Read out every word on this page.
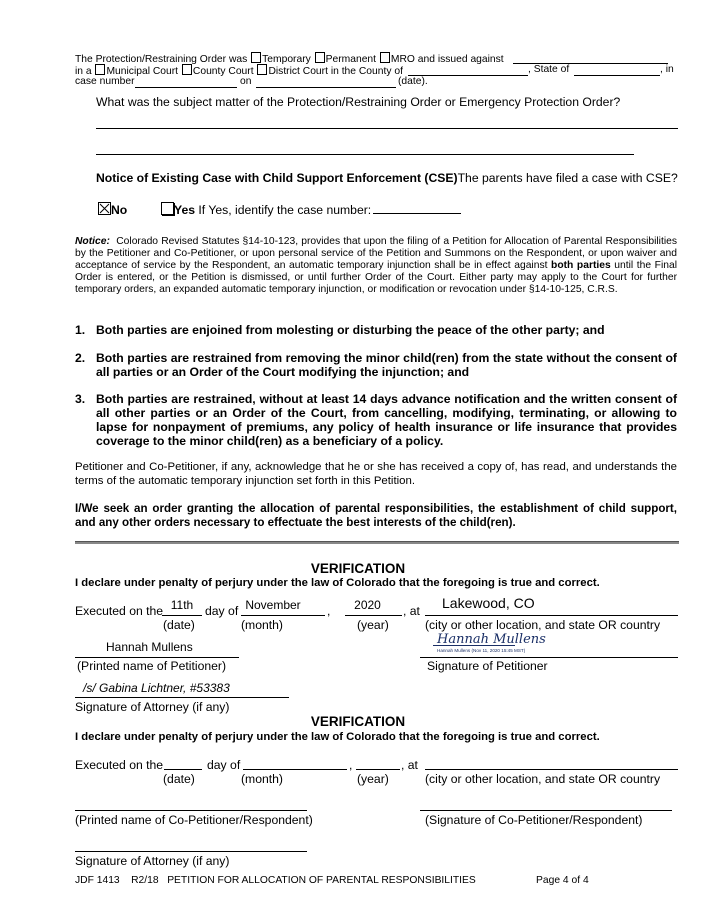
The Protection/Restraining Order was Temporary Permanent MRO and issued against
in a Municipal Court County Court District Court in the County of	, State of	, in
case number	on	(date).
What was the subject matter of the Protection/Restraining Order or Emergency Protection Order?
Notice of Existing Case with Child Support Enforcement (CSE)The parents have filed a case with CSE?
No	Yes If Yes, identify the case number:
Notice: Colorado Revised Statutes §14-10-123, provides that upon the filing of a Petition for Allocation of Parental Responsibilities by the Petitioner and Co-Petitioner, or upon personal service of the Petition and Summons on the Respondent, or upon waiver and acceptance of service by the Respondent, an automatic temporary injunction shall be in effect against both parties until the Final Order is entered, or the Petition is dismissed, or until further Order of the Court. Either party may apply to the Court for further temporary orders, an expanded automatic temporary injunction, or modification or revocation under §14-10-125, C.R.S.
1. Both parties are enjoined from molesting or disturbing the peace of the other party; and
2. Both parties are restrained from removing the minor child(ren) from the state without the consent of all parties or an Order of the Court modifying the injunction; and
3. Both parties are restrained, without at least 14 days advance notification and the written consent of all other parties or an Order of the Court, from cancelling, modifying, terminating, or allowing to lapse for nonpayment of premiums, any policy of health insurance or life insurance that provides coverage to the minor child(ren) as a beneficiary of a policy.
Petitioner and Co-Petitioner, if any, acknowledge that he or she has received a copy of, has read, and understands the terms of the automatic temporary injunction set forth in this Petition.
I/We seek an order granting the allocation of parental responsibilities, the establishment of child support, and any other orders necessary to effectuate the best interests of the child(ren).
VERIFICATION
I declare under penalty of perjury under the law of Colorado that the foregoing is true and correct.
Executed on the 11th day of November	,	2020	, at Lakewood, CO
(date)	(month)	(year)	(city or other location, and state OR country
Hannah Mullens
(Printed name of Petitioner)
Hannah Mullens
Hannah Mullens (Nov 11, 2020 15:45 MST)
Signature of Petitioner
/s/ Gabina Lichtner, #53383
Signature of Attorney (if any)
VERIFICATION
I declare under penalty of perjury under the law of Colorado that the foregoing is true and correct.
Executed on the	day of	,	, at
(date)	(month)	(year)	(city or other location, and state OR country
(Printed name of Co-Petitioner/Respondent)	(Signature of Co-Petitioner/Respondent)
Signature of Attorney (if any)
JDF 1413 R2/18 PETITION FOR ALLOCATION OF PARENTAL RESPONSIBILITIES	Page 4 of 4
